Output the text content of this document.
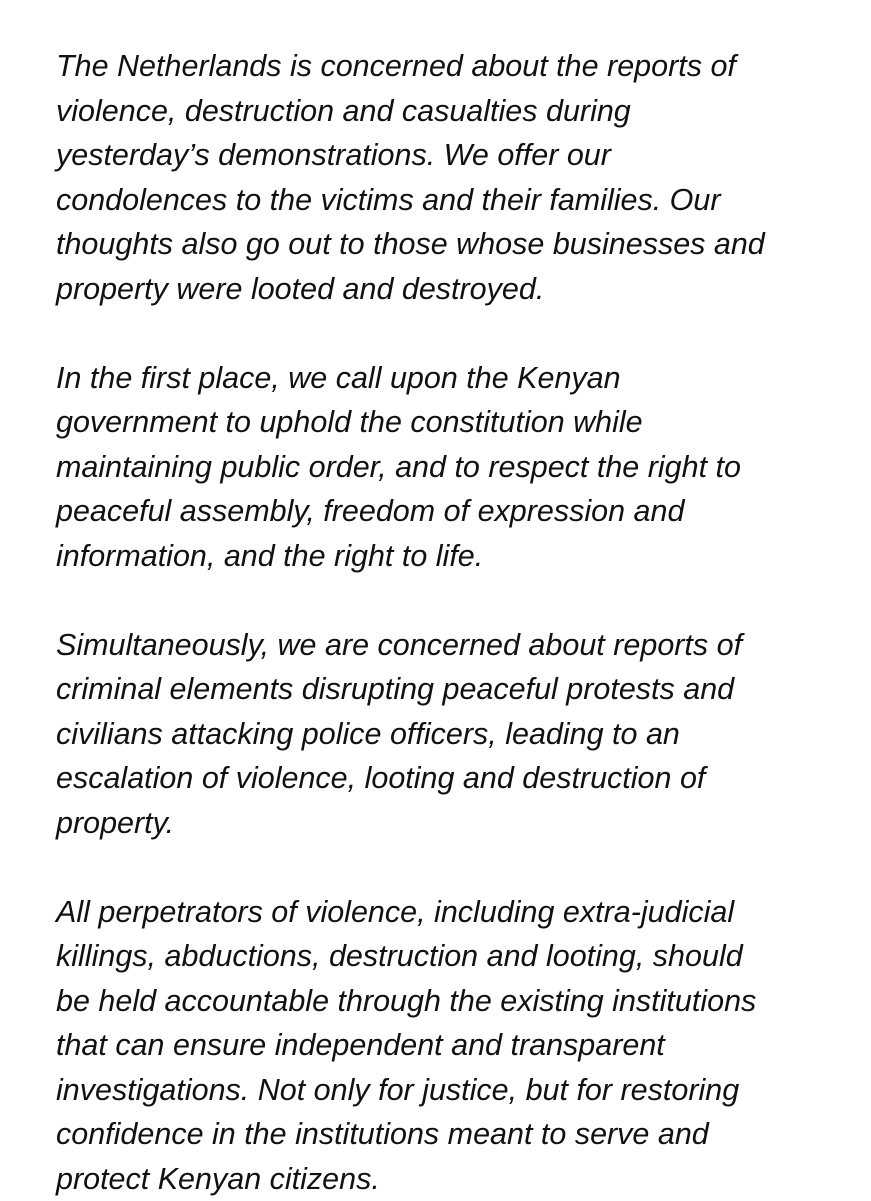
The Netherlands is concerned about the reports of
violence, destruction and casualties during
yesterday’s demonstrations. We offer our
condolences to the victims and their families. Our
thoughts also go out to those whose businesses and
property were looted and destroyed.
In the first place, we call upon the Kenyan
government to uphold the constitution while
maintaining public order, and to respect the right to
peaceful assembly, freedom of expression and
information, and the right to life.
Simultaneously, we are concerned about reports of
criminal elements disrupting peaceful protests and
civilians attacking police officers, leading to an
escalation of violence, looting and destruction of
property.
All perpetrators of violence, including extra-judicial
killings, abductions, destruction and looting, should
be held accountable through the existing institutions
that can ensure independent and transparent
investigations. Not only for justice, but for restoring
confidence in the institutions meant to serve and
protect Kenyan citizens.
